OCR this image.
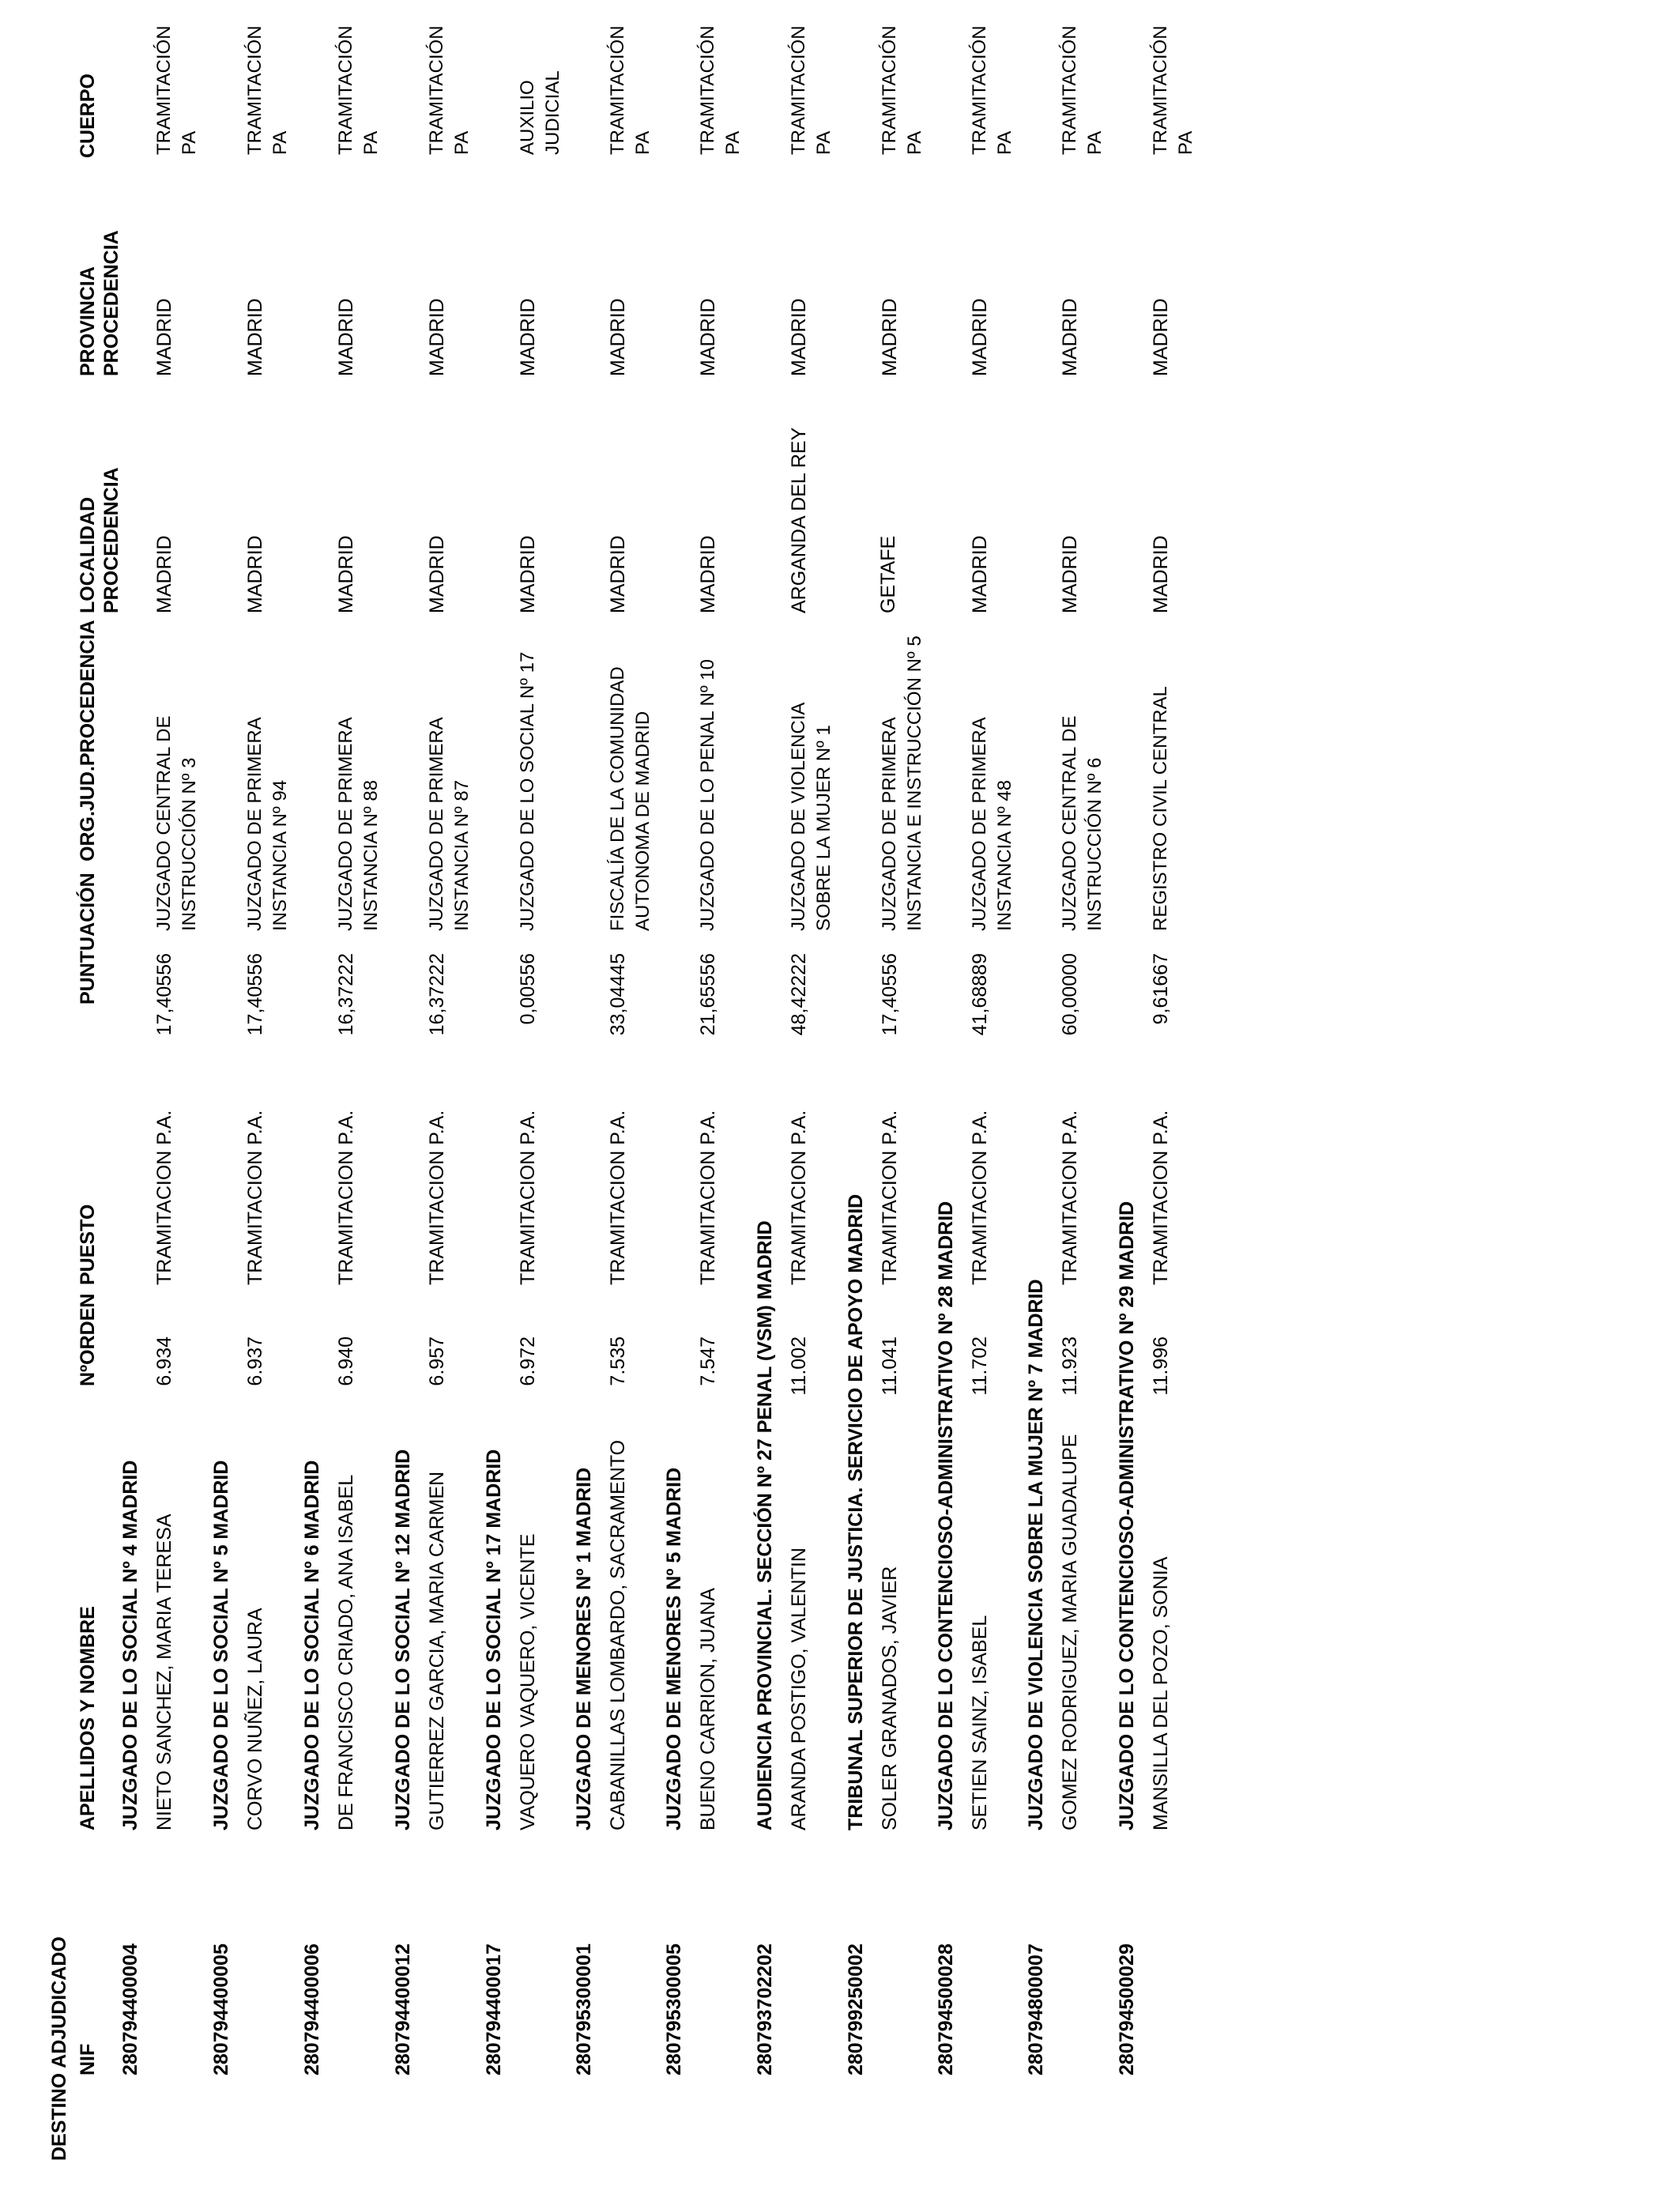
DESTINO ADJUDICADO NIF
APELLIDOS Y NOMBRE
NºORDEN
PUESTO
PUNTUACIÓN
ORG.JUD.PROCEDENCIA
LOCALIDAD PROCEDENCIA
PROVINCIA PROCEDENCIA
CUERPO
280794400004
JUZGADO DE LO SOCIAL Nº 4 MADRID NIETO SANCHEZ, MARIA TERESA
6.934
TRAMITACION P.A.
17,40556
JUZGADO CENTRAL DE INSTRUCCIÓN Nº 3
MADRID
MADRID
TRAMITACIÓN PA
280794400005
JUZGADO DE LO SOCIAL Nº 5 MADRID CORVO NUÑEZ, LAURA
6.937
TRAMITACION P.A.
17,40556
JUZGADO DE PRIMERA INSTANCIA Nº 94
MADRID
MADRID
TRAMITACIÓN PA
280794400006
JUZGADO DE LO SOCIAL Nº 6 MADRID DE FRANCISCO CRIADO, ANA ISABEL
6.940
TRAMITACION P.A.
16,37222
JUZGADO DE PRIMERA INSTANCIA Nº 88
MADRID
MADRID
TRAMITACIÓN PA
280794400012
JUZGADO DE LO SOCIAL Nº 12 MADRID GUTIERREZ GARCIA, MARIA CARMEN
6.957
TRAMITACION P.A.
16,37222
JUZGADO DE PRIMERA INSTANCIA Nº 87
MADRID
MADRID
TRAMITACIÓN PA
280794400017
JUZGADO DE LO SOCIAL Nº 17 MADRID VAQUERO VAQUERO, VICENTE
6.972
TRAMITACION P.A.
0,00556
JUZGADO DE LO SOCIAL Nº 17
MADRID
MADRID
AUXILIO JUDICIAL
280795300001
JUZGADO DE MENORES Nº 1 MADRID CABANILLAS LOMBARDO, SACRAMENTO
7.535
TRAMITACION P.A.
33,04445
FISCALÍA DE LA COMUNIDAD AUTONOMA DE MADRID
MADRID
MADRID
TRAMITACIÓN PA
280795300005
JUZGADO DE MENORES Nº 5 MADRID BUENO CARRION, JUANA
7.547
TRAMITACION P.A.
21,65556
JUZGADO DE LO PENAL Nº 10
MADRID
MADRID
TRAMITACIÓN PA
280793702202
AUDIENCIA PROVINCIAL. SECCIÓN Nº 27 PENAL (VSM) MADRID ARANDA POSTIGO, VALENTIN
11.002
TRAMITACION P.A.
48,42222
JUZGADO DE VIOLENCIA SOBRE LA MUJER Nº 1
ARGANDA DEL REY
MADRID
TRAMITACIÓN PA
280799250002
TRIBUNAL SUPERIOR DE JUSTICIA. SERVICIO DE APOYO MADRID SOLER GRANADOS, JAVIER
11.041
TRAMITACION P.A.
17,40556
JUZGADO DE PRIMERA INSTANCIA E INSTRUCCIÓN Nº 5
GETAFE
MADRID
TRAMITACIÓN PA
280794500028
JUZGADO DE LO CONTENCIOSO-ADMINISTRATIVO Nº 28 MADRID SETIEN SAINZ, ISABEL
11.702
TRAMITACION P.A.
41,68889
JUZGADO DE PRIMERA INSTANCIA Nº 48
MADRID
MADRID
TRAMITACIÓN PA
280794800007
JUZGADO DE VIOLENCIA SOBRE LA MUJER Nº 7 MADRID GOMEZ RODRIGUEZ, MARIA GUADALUPE
11.923
TRAMITACION P.A.
60,00000
JUZGADO CENTRAL DE INSTRUCCIÓN Nº 6
MADRID
MADRID
TRAMITACIÓN PA
280794500029
JUZGADO DE LO CONTENCIOSO-ADMINISTRATIVO Nº 29 MADRID MANSILLA DEL POZO, SONIA
11.996
TRAMITACION P.A.
9,61667
REGISTRO CIVIL CENTRAL
MADRID
MADRID
TRAMITACIÓN PA
